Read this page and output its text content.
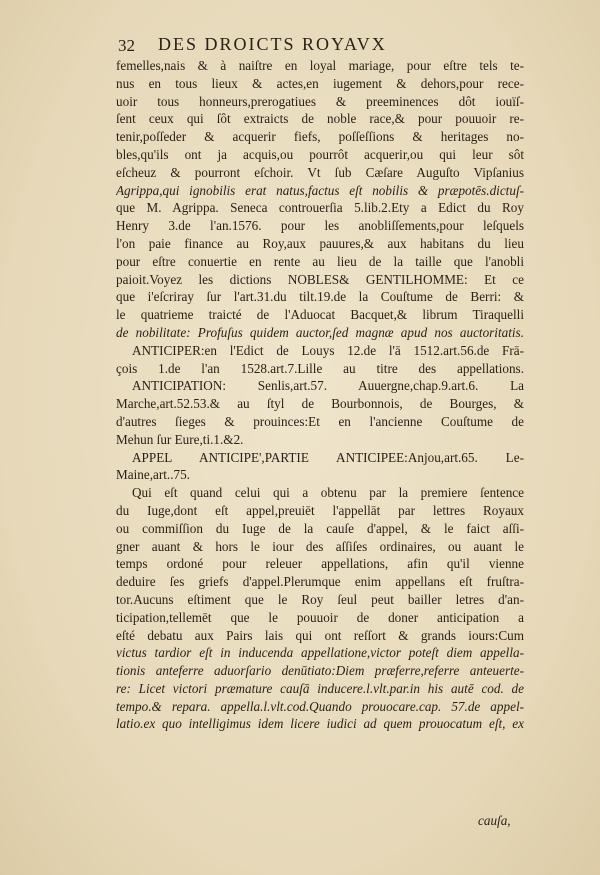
32 DES DROICTS ROYAVX
femelles,nais & à naiſtre en loyal mariage, pour eſtre tels te-
nus en tous lieux & actes,en iugement & dehors,pour rece-
uoir tous honneurs,prerogatiues & preeminences dôt iouïſ-
ſent ceux qui ſôt extraicts de noble race,& pour pouuoir re-
tenir,poſſeder & acquerir fiefs, poſſeſſions & heritages no-
bles,qu'ils ont ja acquis,ou pourrôt acquerir,ou qui leur sôt
eſcheuz & pourront eſchoir. Vt ſub Cæſare Auguſto Vipſanius
Agrippa,qui ignobilis erat natus,factus eſt nobilis & præpotēs.dictuſ-
que M. Agrippa. Seneca controuerſia 5.lib.2.Ety a Edict du Roy
Henry 3.de l'an.1576. pour les anobliſſements,pour leſquels
l'on paie finance au Roy,aux pauures,& aux habitans du lieu
pour eſtre conuertie en rente au lieu de la taille que l'anobli
paioit.Voyez les dictions NOBLES& GENTILHOMME: Et ce
que i'eſcriray ſur l'art.31.du tilt.19.de la Couſtume de Berri: &
le quatrieme traicté de l'Aduocat Bacquet,& librum Tiraquelli
de nobilitate: Profuſus quidem auctor,ſed magnæ apud nos auctoritatis.
ANTICIPER:en l'Edict de Louys 12.de l'ā 1512.art.56.de Frā-
çois 1.de l'an 1528.art.7.Lille au titre des appellations.
ANTICIPATION: Senlis,art.57. Auuergne,chap.9.art.6. La
Marche,art.52.53.& au ſtyl de Bourbonnois, de Bourges, &
d'autres ſieges & prouinces:Et en l'ancienne Couſtume de
Mehun ſur Eure,ti.1.&2.
APPEL ANTICIPE',PARTIE ANTICIPEE:Anjou,art.65. Le-
Maine,art..75.
Qui eſt quand celui qui a obtenu par la premiere ſentence
du Iuge,dont eſt appel,preuiēt l'appellāt par lettres Royaux
ou commiſſion du Iuge de la cauſe d'appel, & le faict aſſi-
gner auant & hors le iour des aſſiſes ordinaires, ou auant le
temps ordoné pour releuer appellations, afin qu'il vienne
deduire ſes griefs d'appel.Plerumque enim appellans eſt fruſtra-
tor.Aucuns eſtiment que le Roy ſeul peut bailler letres d'an-
ticipation,tellemēt que le pouuoir de doner anticipation a
eſté debatu aux Pairs lais qui ont reſſort & grands iours:Cum
victus tardior eſt in inducenda appellatione,victor poteſt diem appella-
tionis anteferre aduorſario denūtiato:Diem præferre,referre anteuerte-
re: Licet victori præmature cauſā inducere.l.vlt.par.in his autē cod. de
tempo.& repara. appella.l.vlt.cod.Quando prouocare.cap. 57.de appel-
latio.ex quo intelligimus idem licere iudici ad quem prouocatum eſt, ex
cauſa,
